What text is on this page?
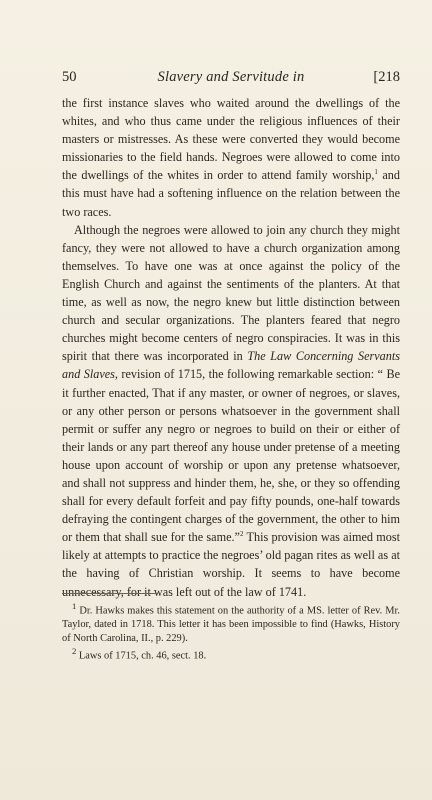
50	Slavery and Servitude in	[218

the first instance slaves who waited around the dwellings of the whites, and who thus came under the religious influences of their masters or mistresses. As these were converted they would become missionaries to the field hands. Negroes were allowed to come into the dwellings of the whites in order to attend family worship,$^1$ and this must have had a softening influence on the relation between the two races.

Although the negroes were allowed to join any church they might fancy, they were not allowed to have a church organization among themselves. To have one was at once against the policy of the English Church and against the sentiments of the planters. At that time, as well as now, the negro knew but little distinction between church and secular organizations. The planters feared that negro churches might become centers of negro conspiracies. It was in this spirit that there was incorporated in The Law Concerning Servants and Slaves, revision of 1715, the following remarkable section: “ Be it further enacted, That if any master, or owner of negroes, or slaves, or any other person or persons whatsoever in the government shall permit or suffer any negro or negroes to build on their or either of their lands or any part thereof any house under pretense of a meeting house upon account of worship or upon any pretense whatsoever, and shall not suppress and hinder them, he, she, or they so offending shall for every default forfeit and pay fifty pounds, one-half towards defraying the contingent charges of the government, the other to him or them that shall sue for the same.”$^2$ This provision was aimed most likely at attempts to practice the negroes’ old pagan rites as well as at the having of Christian worship. It seems to have become unnecessary, for it was left out of the law of 1741.

$^1$ Dr. Hawks makes this statement on the authority of a MS. letter of Rev. Mr. Taylor, dated in 1718. This letter it has been impossible to find (Hawks, History of North Carolina, II., p. 229).

$^2$ Laws of 1715, ch. 46, sect. 18.
